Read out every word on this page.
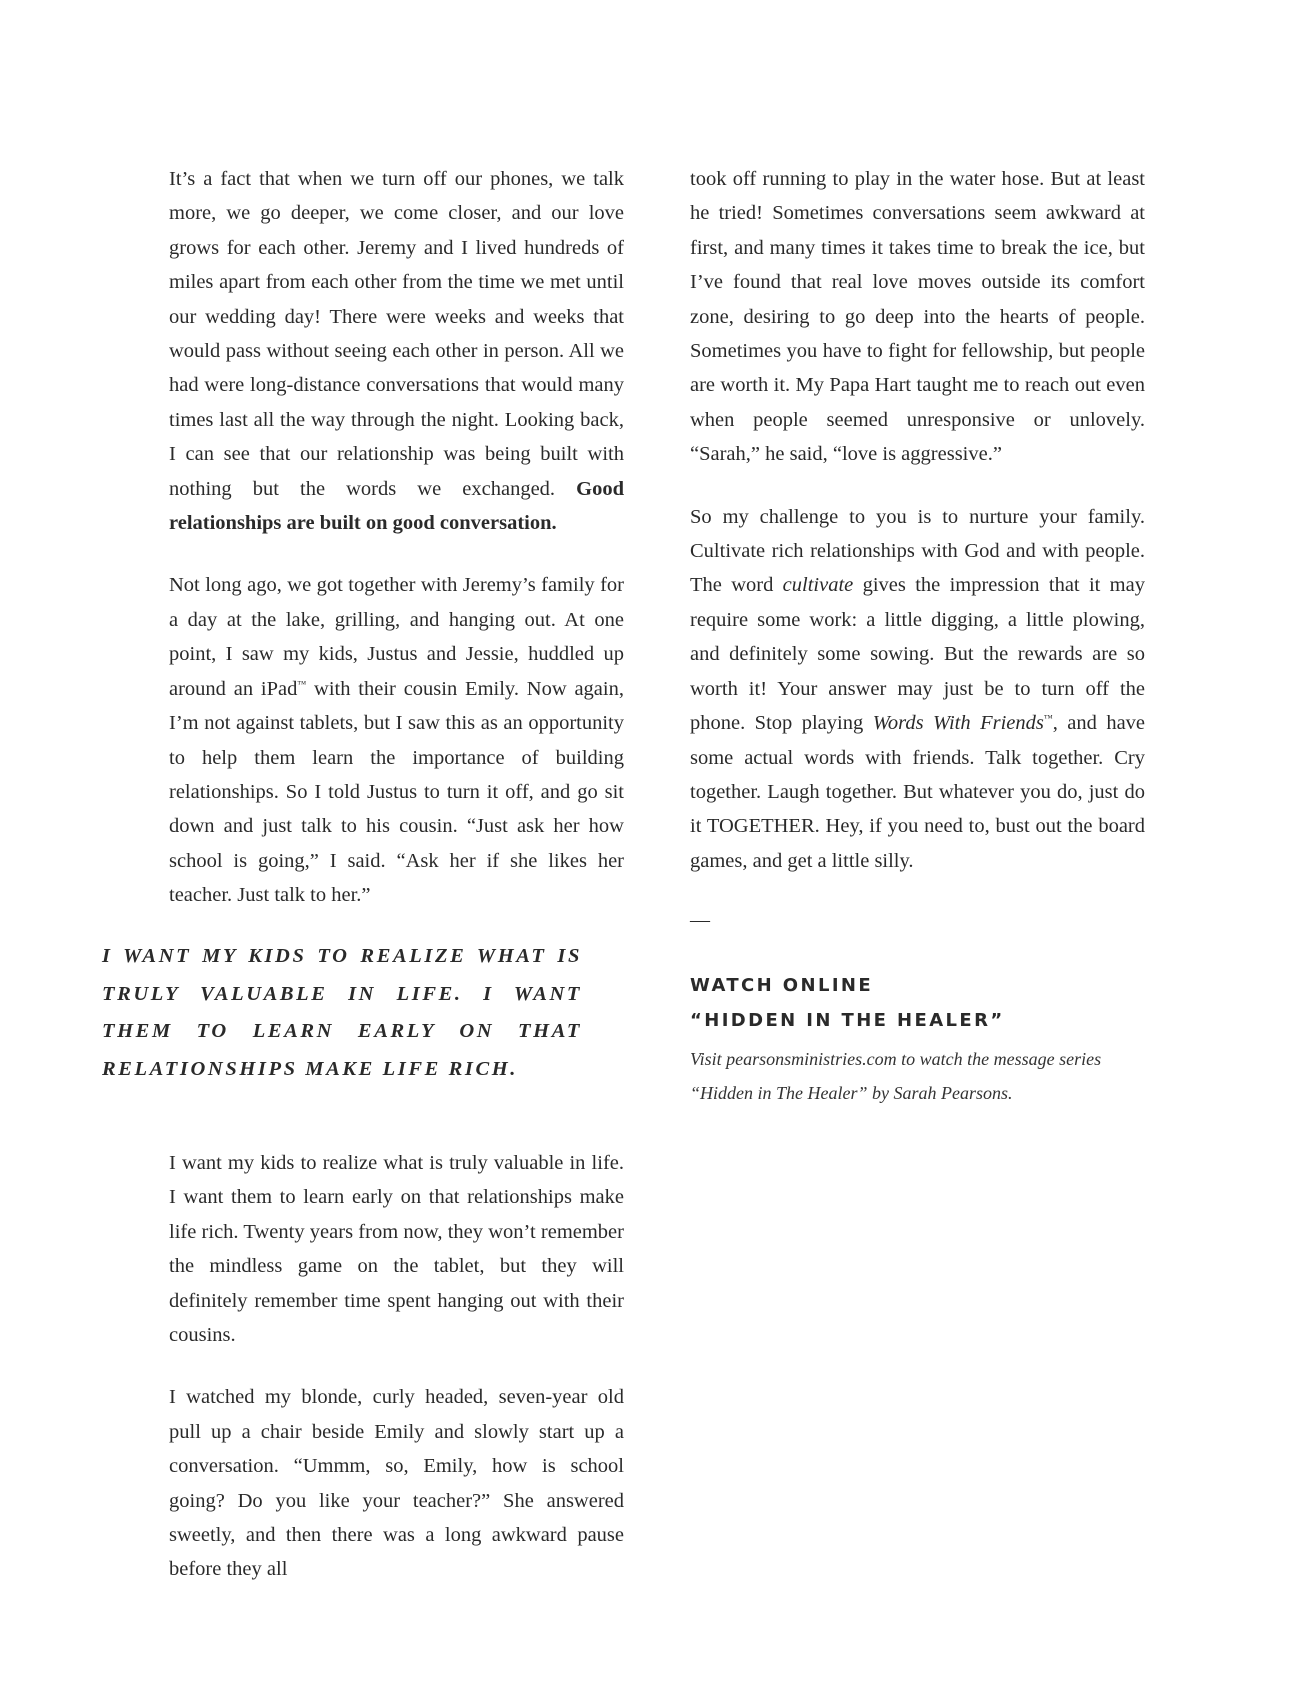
It’s a fact that when we turn off our phones, we talk more, we go deeper, we come closer, and our love grows for each other. Jeremy and I lived hundreds of miles apart from each other from the time we met until our wedding day! There were weeks and weeks that would pass without seeing each other in person. All we had were long-distance conversations that would many times last all the way through the night. Looking back, I can see that our relationship was being built with nothing but the words we exchanged. Good relationships are built on good conversation.

Not long ago, we got together with Jeremy’s family for a day at the lake, grilling, and hanging out. At one point, I saw my kids, Justus and Jessie, huddled up around an iPad™ with their cousin Emily. Now again, I’m not against tablets, but I saw this as an opportunity to help them learn the importance of building relationships. So I told Justus to turn it off, and go sit down and just talk to his cousin. “Just ask her how school is going,” I said. “Ask her if she likes her teacher. Just talk to her.”

I WANT MY KIDS TO REALIZE WHAT IS TRULY VALUABLE IN LIFE. I WANT THEM TO LEARN EARLY ON THAT RELATIONSHIPS MAKE LIFE RICH.

I want my kids to realize what is truly valuable in life. I want them to learn early on that relationships make life rich. Twenty years from now, they won’t remember the mindless game on the tablet, but they will definitely remember time spent hanging out with their cousins.

I watched my blonde, curly headed, seven-year old pull up a chair beside Emily and slowly start up a conversation. “Ummm, so, Emily, how is school going? Do you like your teacher?” She answered sweetly, and then there was a long awkward pause before they all

took off running to play in the water hose. But at least he tried! Sometimes conversations seem awkward at first, and many times it takes time to break the ice, but I’ve found that real love moves outside its comfort zone, desiring to go deep into the hearts of people. Sometimes you have to fight for fellowship, but people are worth it. My Papa Hart taught me to reach out even when people seemed unresponsive or unlovely. “Sarah,” he said, “love is aggressive.”

So my challenge to you is to nurture your family. Cultivate rich relationships with God and with people. The word cultivate gives the impression that it may require some work: a little digging, a little plowing, and definitely some sowing. But the rewards are so worth it! Your answer may just be to turn off the phone. Stop playing Words With Friends™, and have some actual words with friends. Talk together. Cry together. Laugh together. But whatever you do, just do it TOGETHER. Hey, if you need to, bust out the board games, and get a little silly.

—

WATCH ONLINE

“HIDDEN IN THE HEALER”

Visit pearsonsministries.com to watch the message series
“Hidden in The Healer” by Sarah Pearsons.
